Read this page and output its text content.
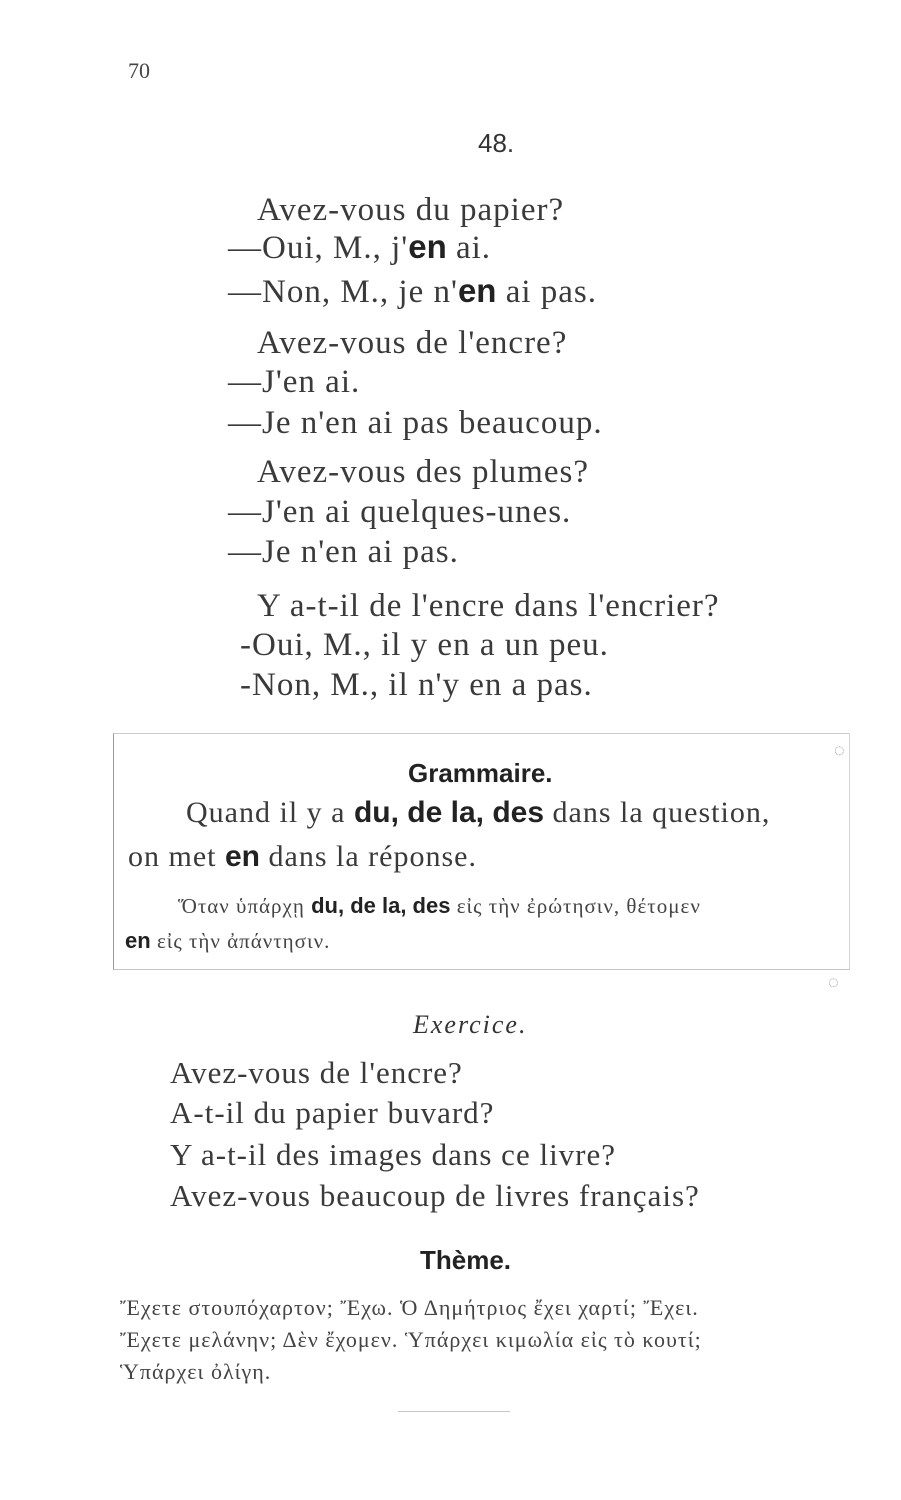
70
48.
Avez-vous du papier?
—Oui, M., j'en ai.
—Non, M., je n'en ai pas.
Avez-vous de l'encre?
—J'en ai.
—Je n'en ai pas beaucoup.
Avez-vous des plumes?
—J'en ai quelques-unes.
—Je n'en ai pas.
Y a-t-il de l'encre dans l'encrier?
-Oui, M., il y en a un peu.
-Non, M., il n'y en a pas.
◌
◌
Grammaire.
Quand il y a du, de la, des dans la question,
on met en dans la réponse.
Ὅταν ὑπάρχῃ du, de la, des εἰς τὴν ἐρώτησιν, θέτομεν
en εἰς τὴν ἀπάντησιν.
Exercice.
Avez-vous de l'encre?
A-t-il du papier buvard?
Y a-t-il des images dans ce livre?
Avez-vous beaucoup de livres français?
Thème.
Ἔχετε στουπόχαρτον; Ἔχω. Ὁ Δημήτριος ἔχει χαρτί; Ἔχει.
Ἔχετε μελάνην; Δὲν ἔχομεν. Ὑπάρχει κιμωλία εἰς τὸ κουτί;
Ὑπάρχει ὀλίγη.
